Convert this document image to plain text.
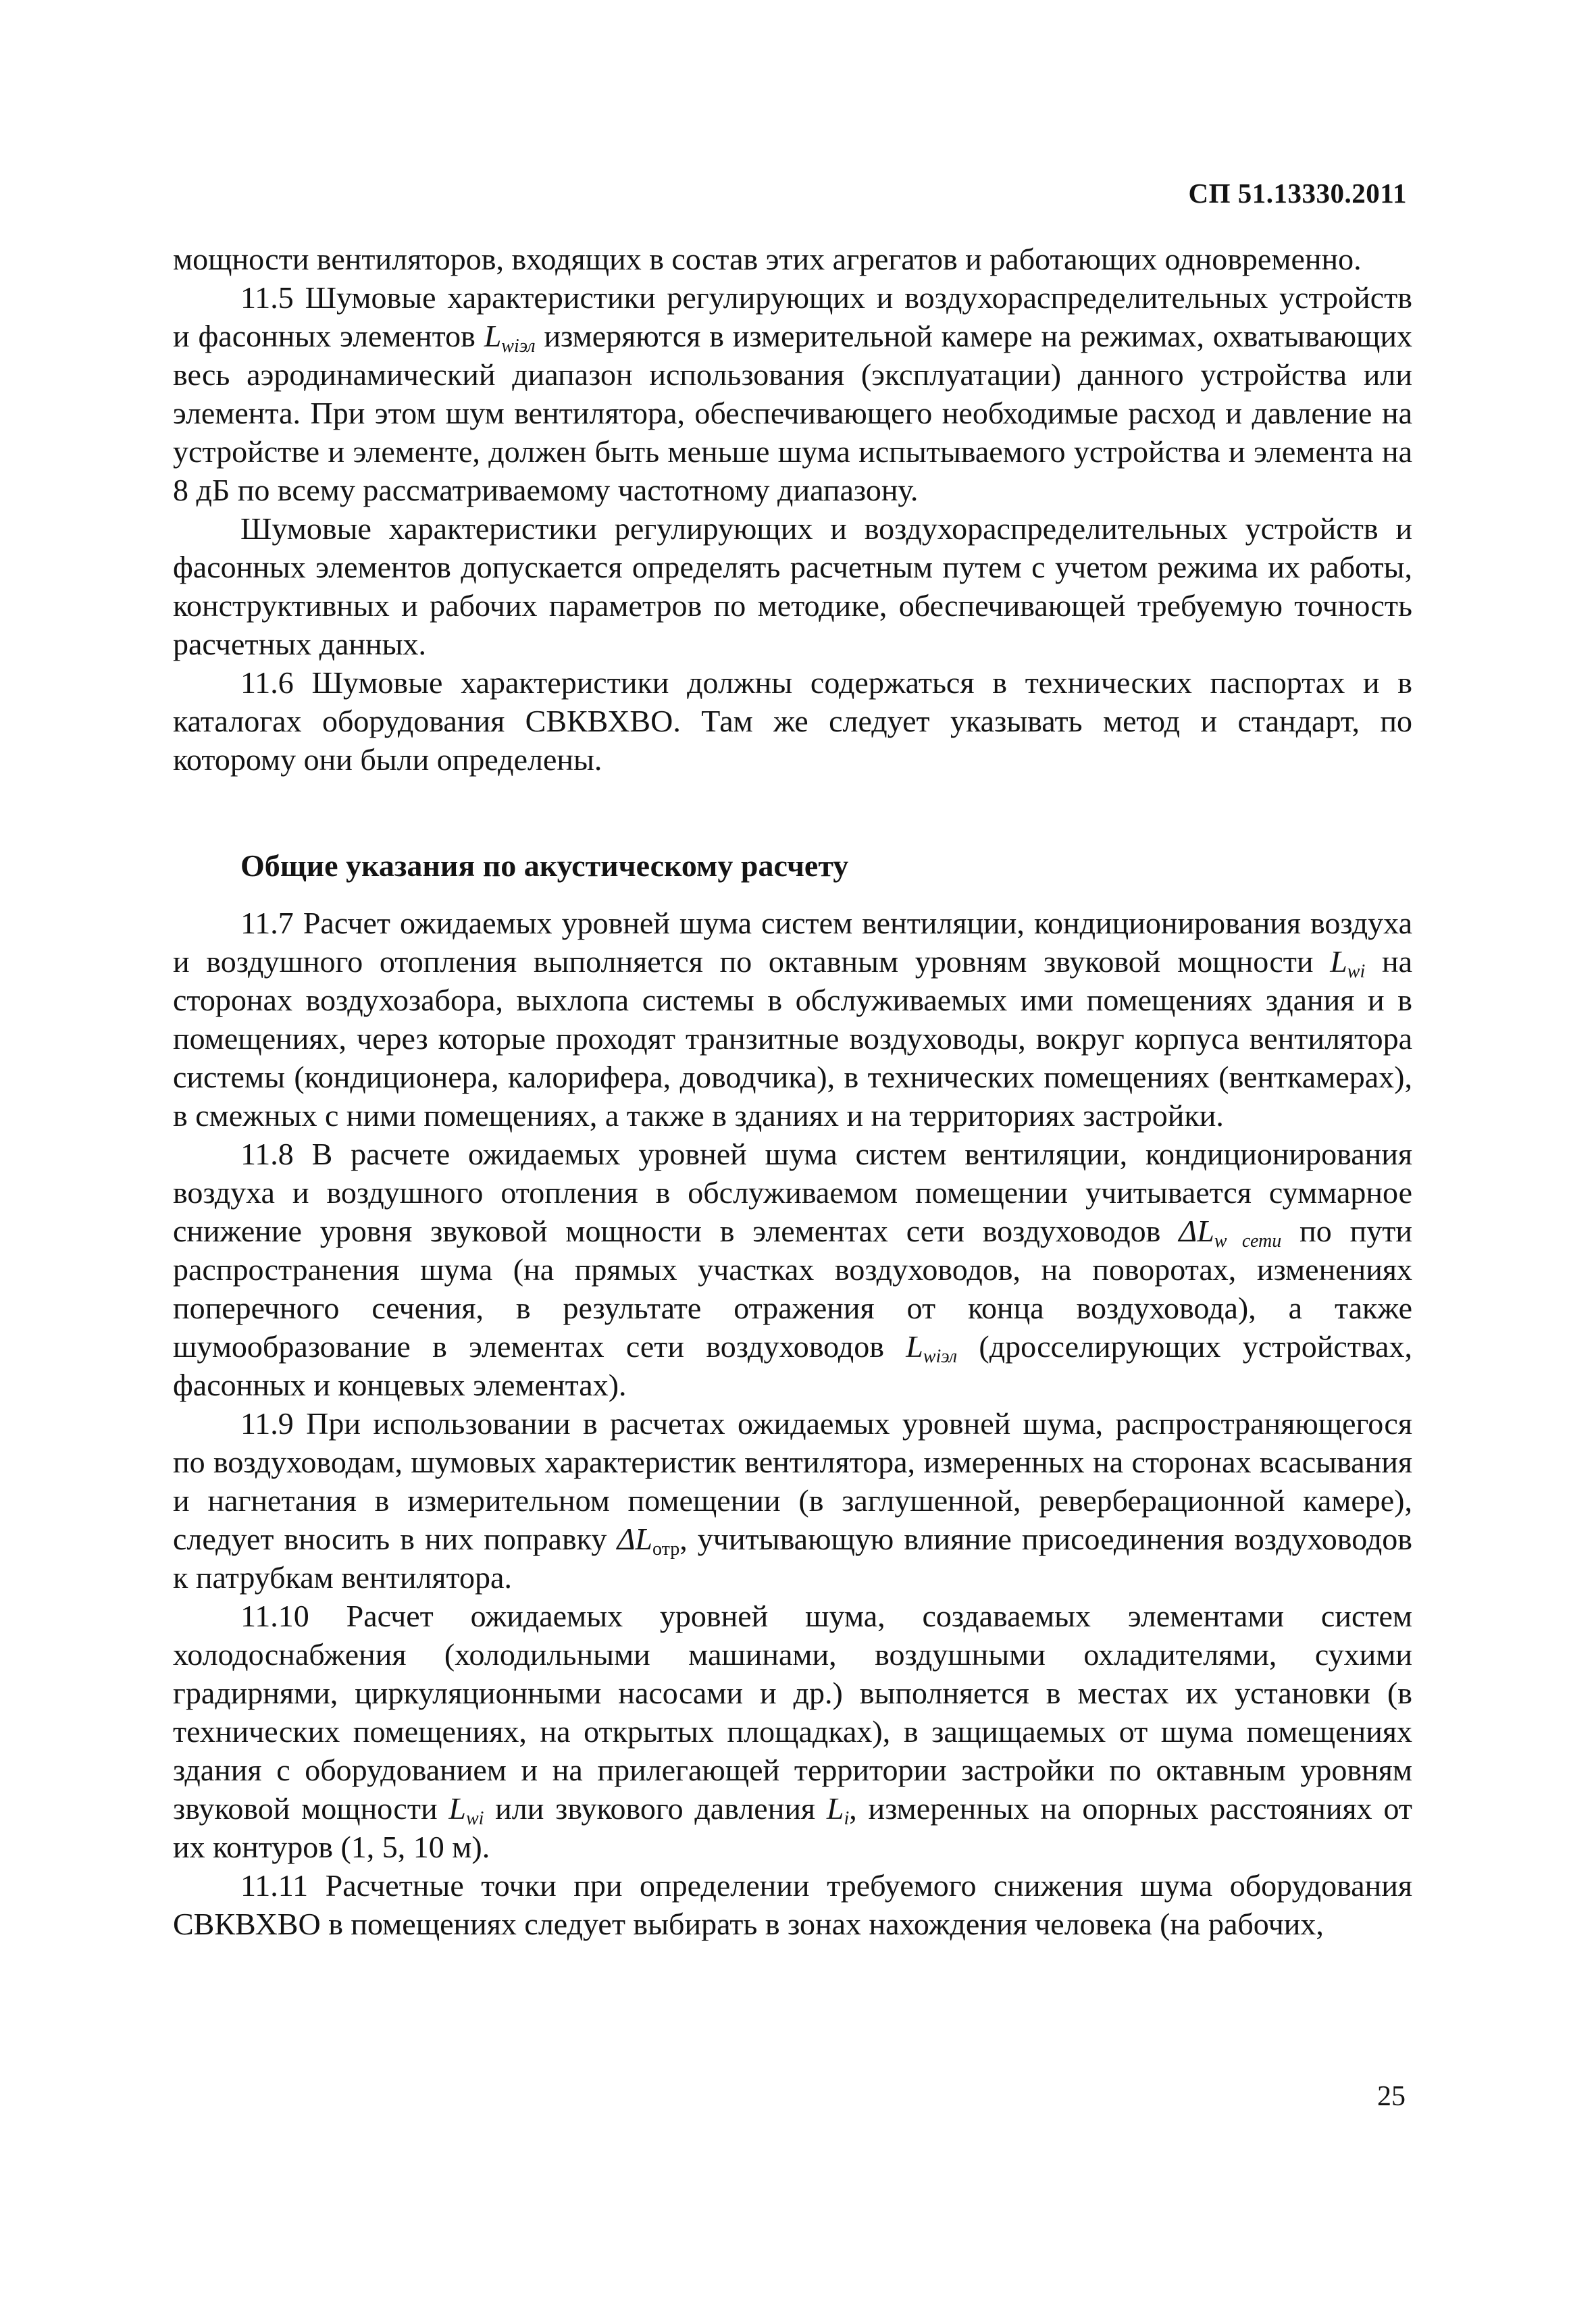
СП 51.13330.2011

мощности вентиляторов, входящих в состав этих агрегатов и работающих одновременно.

11.5 Шумовые характеристики регулирующих и воздухораспределительных устройств и фасонных элементов $L_{wiэл}$ измеряются в измерительной камере на режимах, охватывающих весь аэродинамический диапазон использования (эксплуатации) данного устройства или элемента. При этом шум вентилятора, обеспечивающего необходимые расход и давление на устройстве и элементе, должен быть меньше шума испытываемого устройства и элемента на 8 дБ по всему рассматриваемому частотному диапазону.

Шумовые характеристики регулирующих и воздухораспределительных устройств и фасонных элементов допускается определять расчетным путем с учетом режима их работы, конструктивных и рабочих параметров по методике, обеспечивающей требуемую точность расчетных данных.

11.6 Шумовые характеристики должны содержаться в технических паспортах и в каталогах оборудования СВКВХВО. Там же следует указывать метод и стандарт, по которому они были определены.

Общие указания по акустическому расчету

11.7 Расчет ожидаемых уровней шума систем вентиляции, кондиционирования воздуха и воздушного отопления выполняется по октавным уровням звуковой мощности $L_{wi}$ на сторонах воздухозабора, выхлопа системы в обслуживаемых ими помещениях здания и в помещениях, через которые проходят транзитные воздуховоды, вокруг корпуса вентилятора системы (кондиционера, калорифера, доводчика), в технических помещениях (венткамерах), в смежных с ними помещениях, а также в зданиях и на территориях застройки.

11.8 В расчете ожидаемых уровней шума систем вентиляции, кондиционирования воздуха и воздушного отопления в обслуживаемом помещении учитывается суммарное снижение уровня звуковой мощности в элементах сети воздуховодов $\Delta L_{w сети}$ по пути распространения шума (на прямых участках воздуховодов, на поворотах, изменениях поперечного сечения, в результате отражения от конца воздуховода), а также шумообразование в элементах сети воздуховодов $L_{wiэл}$ (дросселирующих устройствах, фасонных и концевых элементах).

11.9 При использовании в расчетах ожидаемых уровней шума, распространяющегося по воздуховодам, шумовых характеристик вентилятора, измеренных на сторонах всасывания и нагнетания в измерительном помещении (в заглушенной, реверберационной камере), следует вносить в них поправку $\Delta L_{отр}$, учитывающую влияние присоединения воздуховодов к патрубкам вентилятора.

11.10 Расчет ожидаемых уровней шума, создаваемых элементами систем холодоснабжения (холодильными машинами, воздушными охладителями, сухими градирнями, циркуляционными насосами и др.) выполняется в местах их установки (в технических помещениях, на открытых площадках), в защищаемых от шума помещениях здания с оборудованием и на прилегающей территории застройки по октавным уровням звуковой мощности $L_{wi}$ или звукового давления $L_i$, измеренных на опорных расстояниях от их контуров (1, 5, 10 м).

11.11 Расчетные точки при определении требуемого снижения шума оборудования СВКВХВО в помещениях следует выбирать в зонах нахождения человека (на рабочих,

25
